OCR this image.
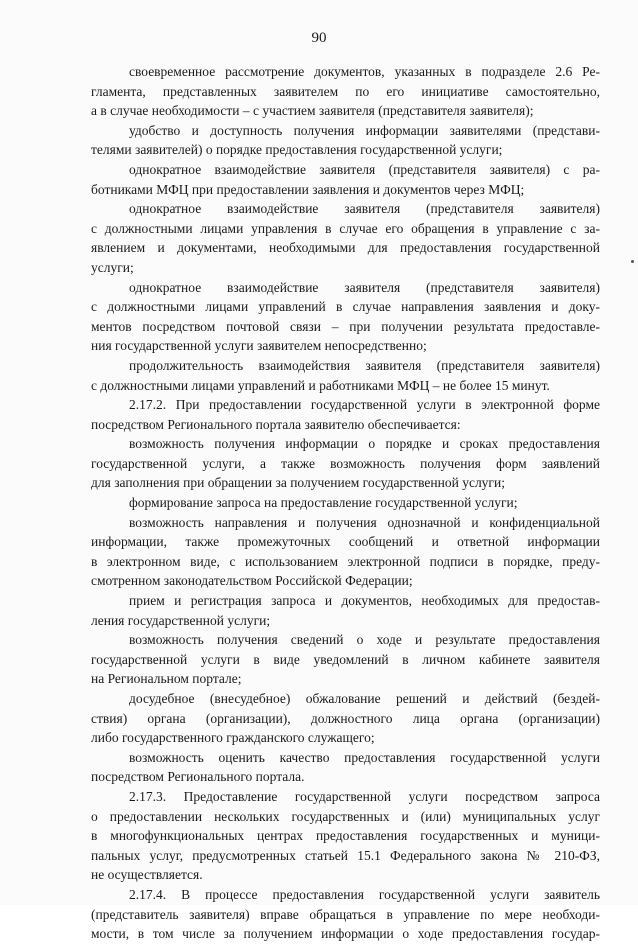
90
своевременное рассмотрение документов, указанных в подразделе 2.6 Ре-
гламента, представленных заявителем по его инициативе самостоятельно,
а в случае необходимости – с участием заявителя (представителя заявителя);
удобство и доступность получения информации заявителями (представи-
телями заявителей) о порядке предоставления государственной услуги;
однократное взаимодействие заявителя (представителя заявителя) с ра-
ботниками МФЦ при предоставлении заявления и документов через МФЦ;
однократное взаимодействие заявителя (представителя заявителя)
с должностными лицами управления в случае его обращения в управление с за-
явлением и документами, необходимыми для предоставления государственной
услуги;
однократное взаимодействие заявителя (представителя заявителя)
с должностными лицами управлений в случае направления заявления и доку-
ментов посредством почтовой связи – при получении результата предоставле-
ния государственной услуги заявителем непосредственно;
продолжительность взаимодействия заявителя (представителя заявителя)
с должностными лицами управлений и работниками МФЦ – не более 15 минут.
2.17.2. При предоставлении государственной услуги в электронной форме
посредством Регионального портала заявителю обеспечивается:
возможность получения информации о порядке и сроках предоставления
государственной услуги, а также возможность получения форм заявлений
для заполнения при обращении за получением государственной услуги;
формирование запроса на предоставление государственной услуги;
возможность направления и получения однозначной и конфиденциальной
информации, также промежуточных сообщений и ответной информации
в электронном виде, с использованием электронной подписи в порядке, преду-
смотренном законодательством Российской Федерации;
прием и регистрация запроса и документов, необходимых для предостав-
ления государственной услуги;
возможность получения сведений о ходе и результате предоставления
государственной услуги в виде уведомлений в личном кабинете заявителя
на Региональном портале;
досудебное (внесудебное) обжалование решений и действий (бездей-
ствия) органа (организации), должностного лица органа (организации)
либо государственного гражданского служащего;
возможность оценить качество предоставления государственной услуги
посредством Регионального портала.
2.17.3. Предоставление государственной услуги посредством запроса
о предоставлении нескольких государственных и (или) муниципальных услуг
в многофункциональных центрах предоставления государственных и муници-
пальных услуг, предусмотренных статьей 15.1 Федерального закона № 210-ФЗ,
не осуществляется.
2.17.4. В процессе предоставления государственной услуги заявитель
(представитель заявителя) вправе обращаться в управление по мере необходи-
мости, в том числе за получением информации о ходе предоставления государ-
